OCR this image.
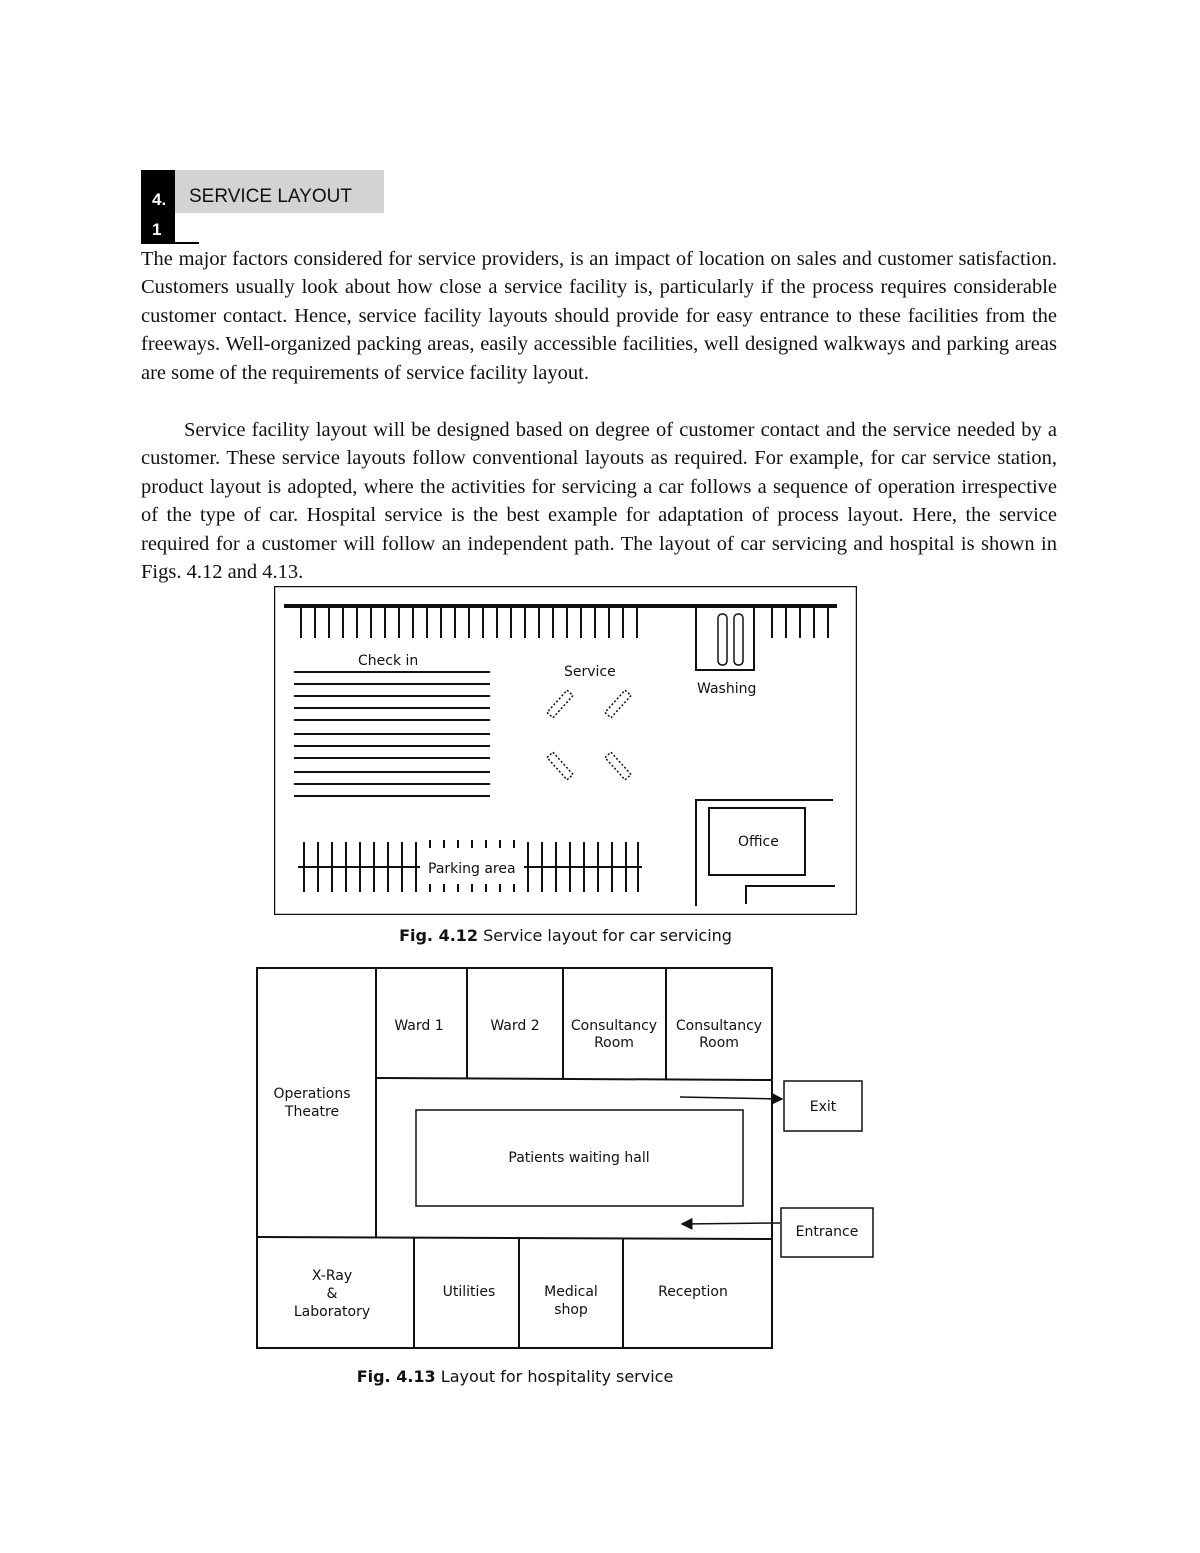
4.
1
SERVICE LAYOUT

The major factors considered for service providers, is an impact of location on sales and customer satisfaction. Customers usually look about how close a service facility is, particularly if the process requires considerable customer contact. Hence, service facility layouts should provide for easy entrance to these facilities from the freeways. Well-organized packing areas, easily accessible facilities, well designed walkways and parking areas are some of the requirements of service facility layout.

Service facility layout will be designed based on degree of customer contact and the service needed by a customer. These service layouts follow conventional layouts as required. For example, for car service station, product layout is adopted, where the activities for servicing a car follows a sequence of operation irrespective of the type of car. Hospital service is the best example for adaptation of process layout. Here, the service required for a customer will follow an independent path. The layout of car servicing and hospital is shown in Figs. 4.12 and 4.13.

Washing
Check in
Service
Office
Parking area
Fig. 4.12 Service layout for car servicing
Ward 1	Ward 2 Consultancy
Room
Consultancy
Room
Operations
Theatre
Patients waiting hall
Exit
Entrance
X-Ray
&
Laboratory
Utilities	Medical
shop
Reception
Fig. 4.13 Layout for hospitality service
